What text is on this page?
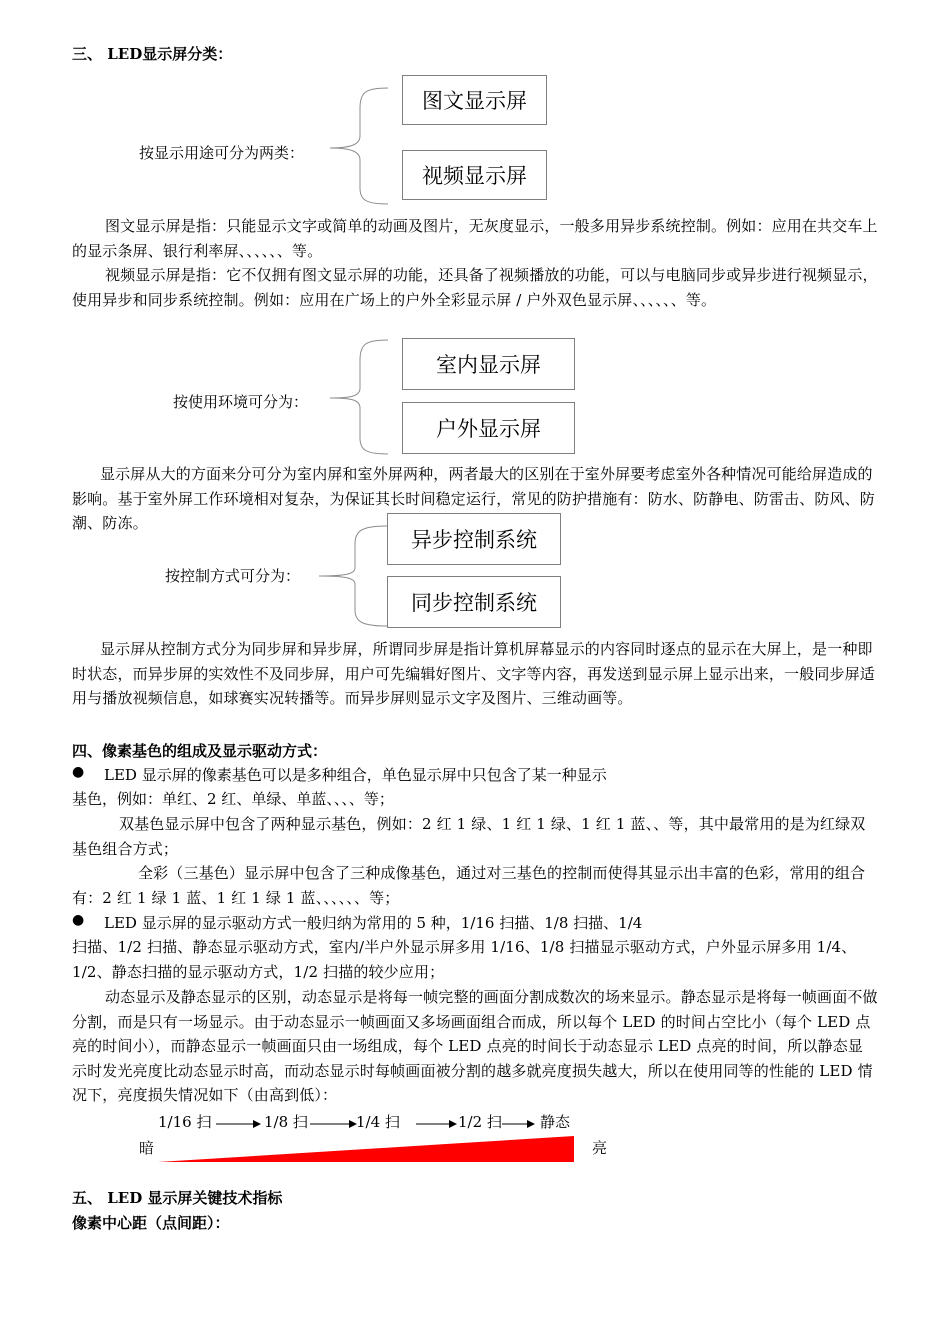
三、 LED显示屏分类：
按显示用途可分为两类：
图文显示屏
视频显示屏
图文显示屏是指：只能显示文字或简单的动画及图片，无灰度显示，一般多用异步系统控制。例如：应用在共交车上的显示条屏、银行利率屏、、、、、、等。
视频显示屏是指：它不仅拥有图文显示屏的功能，还具备了视频播放的功能，可以与电脑同步或异步进行视频显示，使用异步和同步系统控制。例如：应用在广场上的户外全彩显示屏 / 户外双色显示屏、、、、、、等。
按使用环境可分为：
室内显示屏
户外显示屏
显示屏从大的方面来分可分为室内屏和室外屏两种，两者最大的区别在于室外屏要考虑室外各种情况可能给屏造成的影响。基于室外屏工作环境相对复杂，为保证其长时间稳定运行，常见的防护措施有：防水、防静电、防雷击、防风、防潮、防冻。
按控制方式可分为：
异步控制系统
同步控制系统
显示屏从控制方式分为同步屏和异步屏，所谓同步屏是指计算机屏幕显示的内容同时逐点的显示在大屏上，是一种即时状态，而异步屏的实效性不及同步屏，用户可先编辑好图片、文字等内容，再发送到显示屏上显示出来，一般同步屏适用与播放视频信息，如球赛实况转播等。而异步屏则显示文字及图片、三维动画等。
四、像素基色的组成及显示驱动方式：
● LED 显示屏的像素基色可以是多种组合，单色显示屏中只包含了某一种显示
基色，例如：单红、2 红、单绿、单蓝、、、、等；
双基色显示屏中包含了两种显示基色，例如：2 红 1 绿、1 红 1 绿、1 红 1 蓝、、等，其中最常用的是为红绿双基色组合方式；
全彩（三基色）显示屏中包含了三种成像基色，通过对三基色的控制而使得其显示出丰富的色彩，常用的组合有：2 红 1 绿 1 蓝、1 红 1 绿 1 蓝、、、、、、等；
● LED 显示屏的显示驱动方式一般归纳为常用的 5 种，1/16 扫描、1/8 扫描、1/4
扫描、1/2 扫描、静态显示驱动方式，室内/半户外显示屏多用 1/16、1/8 扫描显示驱动方式，户外显示屏多用 1/4、1/2、静态扫描的显示驱动方式，1/2 扫描的较少应用；
动态显示及静态显示的区别，动态显示是将每一帧完整的画面分割成数次的场来显示。静态显示是将每一帧画面不做分割，而是只有一场显示。由于动态显示一帧画面又多场画面组合而成，所以每个 LED 的时间占空比小（每个 LED 点亮的时间小），而静态显示一帧画面只由一场组成，每个 LED 点亮的时间长于动态显示 LED 点亮的时间，所以静态显示时发光亮度比动态显示时高，而动态显示时每帧画面被分割的越多就亮度损失越大，所以在使用同等的性能的 LED 情况下，亮度损失情况如下（由高到低）：
1/16 扫	1/8 扫	1/4 扫	1/2 扫	静态
暗	亮
五、 LED 显示屏关键技术指标
像素中心距（点间距）：
